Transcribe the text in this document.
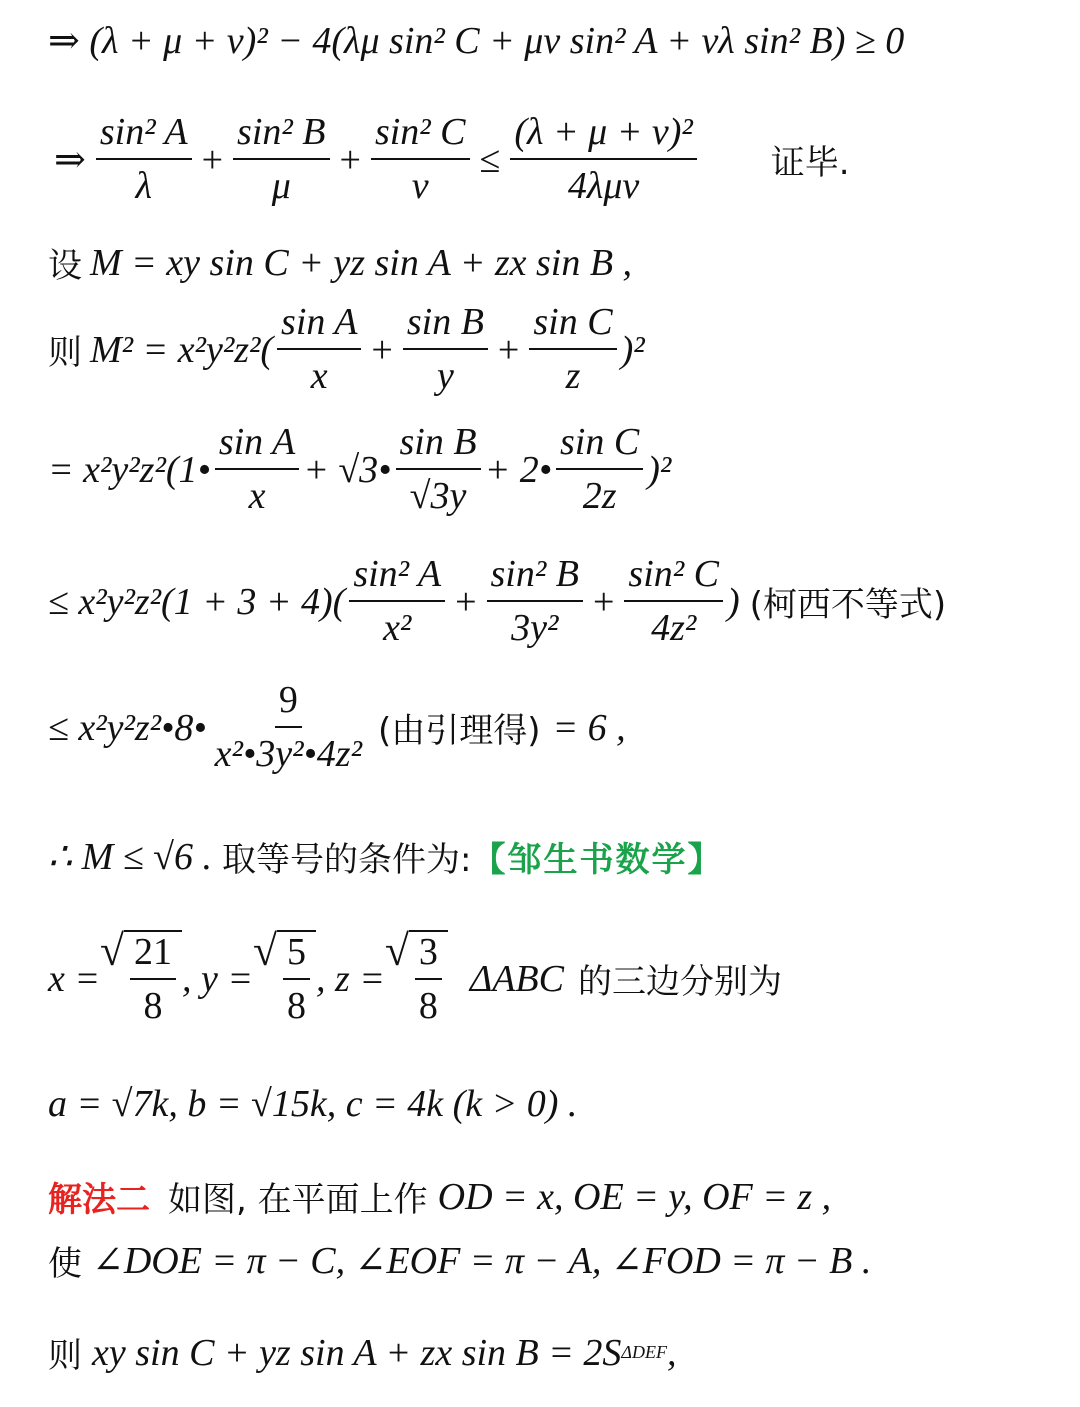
⇒ (λ + μ + ν)² − 4(λμ sin² C + μν sin² A + νλ sin² B) ≥ 0
⇒ $\frac{\text{sin² A}}{\lambda} + \frac{\text{sin² B}}{\mu} + \frac{\text{sin² C}}{\nu} \le \frac{\text{(λ + μ + ν)²}}{\text{4λμν}}$ 证毕.
设 M = xy sin C + yz sin A + zx sin B ,
则 $M^2 = x^2y^2z^2( \frac{\text{sin A}}{x} + \frac{\text{sin B}}{y} + \frac{\text{sin C}}{z} )^2$
= x²y²z²(1• $\frac{\text{sin A}}{x}$ + √3• $\frac{\text{sin B}}{√3y}$ + 2• $\frac{\text{sin C}}{2z} )^2$
≤ $x^2y^2z^2(1 + 3 + 4)( \frac{\text{sin² A}}{\text{x²}} + \frac{\text{sin² B}}{\text{3y²}} + \frac{\text{sin² C}}{\text{4z²}}$ ) (柯西不等式)
≤ x²y²z²•8• $\frac{9}{\text{x²•3y²•4z²}}$ (由引理得) = 6 ,
∴ M ≤ √6 . 取等号的条件为: 【邹生书数学】
x =
√ $\frac{21}{8}$ , y =
√ $\frac{5}{8}$ , z =
√ $\frac{3}{8}$ ΔABC 的三边分别为
a = √7k, b = √15k, c = 4k (k > 0) .
解法二 如图, 在平面上作 OD = x, OE = y, OF = z ,
使 ∠DOE = π − C, ∠EOF = π − A, ∠FOD = π − B .
则 xy sin C + yz sin A + zx sin B = 2S ΔDEF ,
